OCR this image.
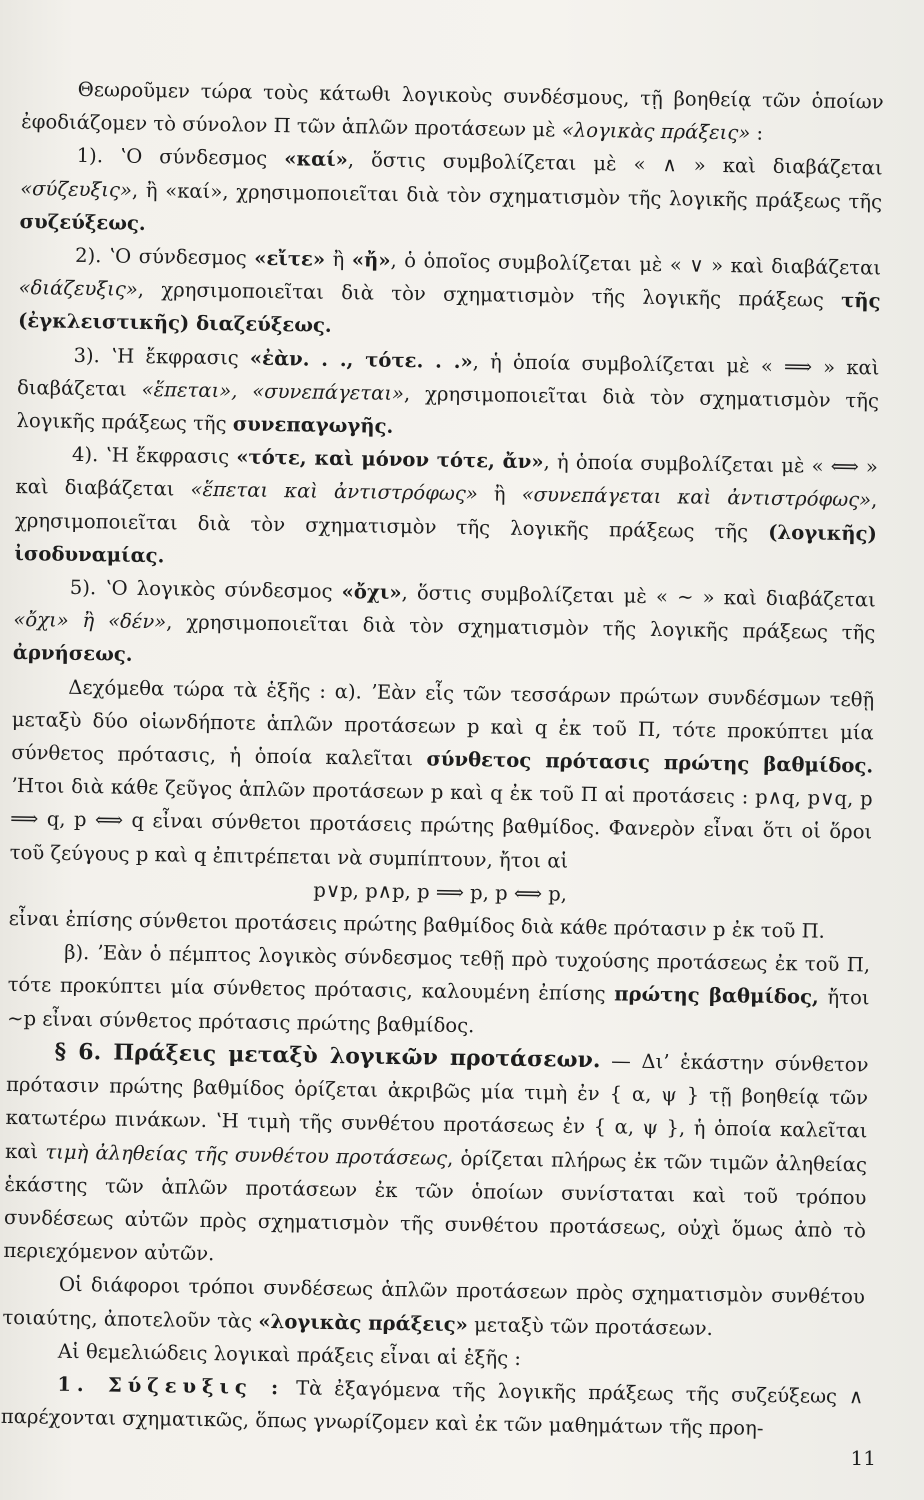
Θεωροῦμεν τώρα τοὺς κάτωθι λογικοὺς συνδέσμους, τῇ βοηθείᾳ τῶν ὁποίων ἐφοδιάζομεν τὸ σύνολον Π τῶν ἁπλῶν προτάσεων μὲ «λογικὰς πράξεις» :

1). ʽΟ σύνδεσμος «καί», ὅστις συμβολίζεται μὲ « ∧ » καὶ διαβάζεται «σύζευξις», ἢ «καί», χρησιμοποιεῖται διὰ τὸν σχηματισμὸν τῆς λογικῆς πράξεως τῆς συζεύξεως.

2). ʽΟ σύνδεσμος «εἴτε» ἢ «ἤ», ὁ ὁποῖος συμβολίζεται μὲ « ∨ » καὶ διαβάζεται «διάζευξις», χρησιμοποιεῖται διὰ τὸν σχηματισμὸν τῆς λογικῆς πράξεως τῆς (ἐγκλειστικῆς) διαζεύξεως.

3). ʽΗ ἔκφρασις «ἐὰν. . ., τότε. . .», ἡ ὁποία συμβολίζεται μὲ « ⟹ » καὶ διαβάζεται «ἕπεται», «συνεπάγεται», χρησιμοποιεῖται διὰ τὸν σχηματισμὸν τῆς λογικῆς πράξεως τῆς συνεπαγωγῆς.

4). ʽΗ ἔκφρασις «τότε, καὶ μόνον τότε, ἄν», ἡ ὁποία συμβολίζεται μὲ « ⟺ » καὶ διαβάζεται «ἕπεται καὶ ἀντιστρόφως» ἢ «συνεπάγεται καὶ ἀντιστρόφως», χρησιμοποιεῖται διὰ τὸν σχηματισμὸν τῆς λογικῆς πράξεως τῆς (λογικῆς) ἰσοδυναμίας.

5). ʽΟ λογικὸς σύνδεσμος «ὄχι», ὅστις συμβολίζεται μὲ « ∼ » καὶ διαβάζεται «ὄχι» ἢ «δέν», χρησιμοποιεῖται διὰ τὸν σχηματισμὸν τῆς λογικῆς πράξεως τῆς ἀρνήσεως.

Δεχόμεθα τώρα τὰ ἑξῆς : α). ʼΕὰν εἷς τῶν τεσσάρων πρώτων συνδέσμων τεθῇ μεταξὺ δύο οἱωνδήποτε ἁπλῶν προτάσεων p καὶ q ἐκ τοῦ Π, τότε προκύπτει μία σύνθετος πρότασις, ἡ ὁποία καλεῖται σύνθετος πρότασις πρώτης βαθμίδος. ʼΗτοι διὰ κάθε ζεῦγος ἁπλῶν προτάσεων p καὶ q ἐκ τοῦ Π αἱ προτάσεις : p∧q, p∨q, p ⟹ q, p ⟺ q εἶναι σύνθετοι προτάσεις πρώτης βαθμίδος. Φανερὸν εἶναι ὅτι οἱ ὅροι τοῦ ζεύγους p καὶ q ἐπιτρέπεται νὰ συμπίπτουν, ἤτοι αἱ

p∨p, p∧p, p ⟹ p, p ⟺ p,

εἶναι ἐπίσης σύνθετοι προτάσεις πρώτης βαθμίδος διὰ κάθε πρότασιν p ἐκ τοῦ Π.

β). ʼΕὰν ὁ πέμπτος λογικὸς σύνδεσμος τεθῇ πρὸ τυχούσης προτάσεως ἐκ τοῦ Π, τότε προκύπτει μία σύνθετος πρότασις, καλουμένη ἐπίσης πρώτης βαθμίδος, ἤτοι ∼p εἶναι σύνθετος πρότασις πρώτης βαθμίδος.

§ 6. Πράξεις μεταξὺ λογικῶν προτάσεων. — Δι’ ἑκάστην σύνθετον πρότασιν πρώτης βαθμίδος ὁρίζεται ἀκριβῶς μία τιμὴ ἐν { α, ψ } τῇ βοηθείᾳ τῶν κατωτέρω πινάκων. ʽΗ τιμὴ τῆς συνθέτου προτάσεως ἐν { α, ψ }, ἡ ὁποία καλεῖται καὶ τιμὴ ἀληθείας τῆς συνθέτου προτάσεως, ὁρίζεται πλήρως ἐκ τῶν τιμῶν ἀληθείας ἑκάστης τῶν ἁπλῶν προτάσεων ἐκ τῶν ὁποίων συνίσταται καὶ τοῦ τρόπου συνδέσεως αὐτῶν πρὸς σχηματισμὸν τῆς συνθέτου προτάσεως, οὐχὶ ὅμως ἀπὸ τὸ περιεχόμενον αὐτῶν.

Οἱ διάφοροι τρόποι συνδέσεως ἁπλῶν προτάσεων πρὸς σχηματισμὸν συνθέτου τοιαύτης, ἀποτελοῦν τὰς «λογικὰς πράξεις» μεταξὺ τῶν προτάσεων.

Αἱ θεμελιώδεις λογικαὶ πράξεις εἶναι αἱ ἑξῆς :

1. Σύζευξις : Τὰ ἐξαγόμενα τῆς λογικῆς πράξεως τῆς συζεύξεως ∧ παρέχονται σχηματικῶς, ὅπως γνωρίζομεν καὶ ἐκ τῶν μαθημάτων τῆς προη-

11
